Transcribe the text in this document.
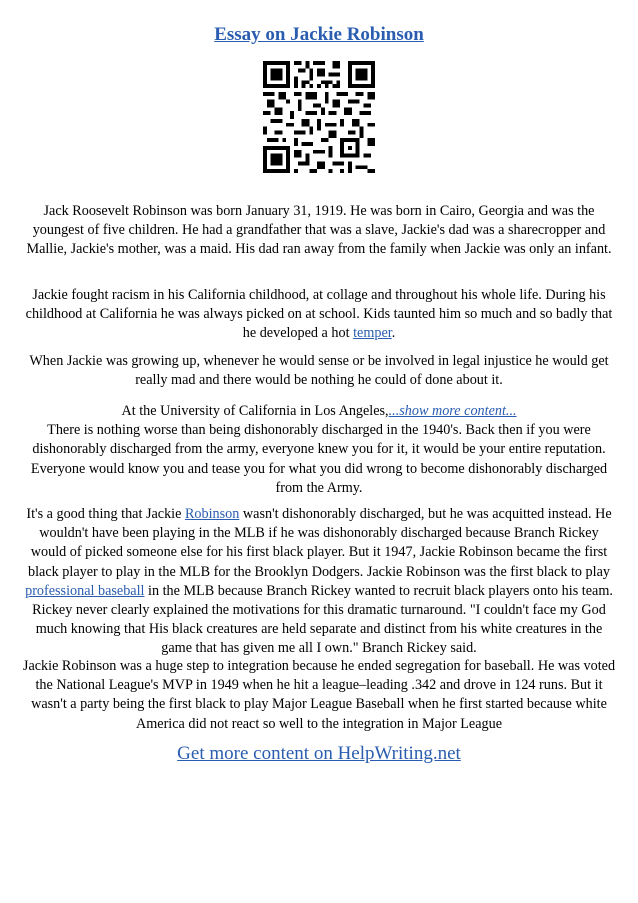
Essay on Jackie Robinson
Jack Roosevelt Robinson was born January 31, 1919. He was born in Cairo, Georgia and was the youngest of five children. He had a grandfather that was a slave, Jackie's dad was a sharecropper and Mallie, Jackie's mother, was a maid. His dad ran away from the family when Jackie was only an infant.
Jackie fought racism in his California childhood, at collage and throughout his whole life. During his childhood at California he was always picked on at school. Kids taunted him so much and so badly that he developed a hot temper.
When Jackie was growing up, whenever he would sense or be involved in legal injustice he would get really mad and there would be nothing he could of done about it.
At the University of California in Los Angeles,...show more content...
There is nothing worse than being dishonorably discharged in the 1940's. Back then if you were dishonorably discharged from the army, everyone knew you for it, it would be your entire reputation. Everyone would know you and tease you for what you did wrong to become dishonorably discharged from the Army.
It's a good thing that Jackie Robinson wasn't dishonorably discharged, but he was acquitted instead. He wouldn't have been playing in the MLB if he was dishonorably discharged because Branch Rickey would of picked someone else for his first black player. But it 1947, Jackie Robinson became the first black player to play in the MLB for the Brooklyn Dodgers. Jackie Robinson was the first black to play professional baseball in the MLB because Branch Rickey wanted to recruit black players onto his team. Rickey never clearly explained the motivations for this dramatic turnaround. "I couldn't face my God much knowing that His black creatures are held separate and distinct from his white creatures in the game that has given me all I own." Branch Rickey said.
Jackie Robinson was a huge step to integration because he ended segregation for baseball. He was voted the National League's MVP in 1949 when he hit a league–leading .342 and drove in 124 runs. But it wasn't a party being the first black to play Major League Baseball when he first started because white America did not react so well to the integration in Major League
Get more content on HelpWriting.net
